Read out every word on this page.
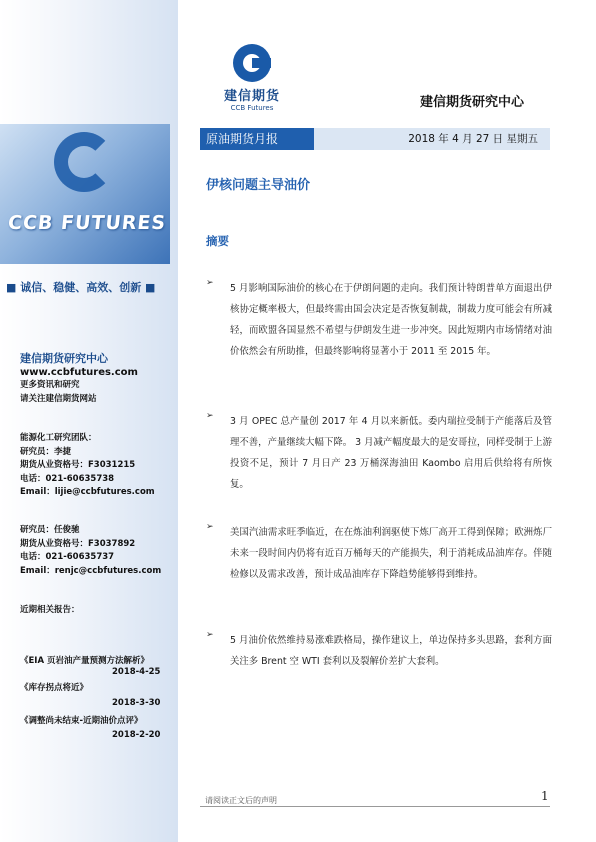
CCB FUTURES
■ 诚信、稳健、高效、创新 ■
建信期货研究中心
www.ccbfutures.com
更多资讯和研究
请关注建信期货网站
能源化工研究团队：
研究员：李捷
期货从业资格号：F3031215
电话：021-60635738
Email：lijie@ccbfutures.com
研究员：任俊驰
期货从业资格号：F3037892
电话：021-60635737
Email：renjc@ccbfutures.com
近期相关报告：
《EIA 页岩油产量预测方法解析》
2018-4-25
《库存拐点将近》
2018-3-30
《调整尚未结束-近期油价点评》
2018-2-20
建信期货
CCB Futures	建信期货研究中心
原油期货月报	2018 年 4 月 27 日 星期五
伊核问题主导油价
摘要
➢ 5 月影响国际油价的核心在于伊朗问题的走向。我们预计特朗普单方面退出伊核协定概率极大，但最终需由国会决定是否恢复制裁，制裁力度可能会有所减轻，而欧盟各国显然不希望与伊朗发生进一步冲突。因此短期内市场情绪对油价依然会有所助推，但最终影响将显著小于 2011 至 2015 年。
➢ 3 月 OPEC 总产量创 2017 年 4 月以来新低。委内瑞拉受制于产能落后及管理不善，产量继续大幅下降。 3 月减产幅度最大的是安哥拉，同样受制于上游投资不足，预计 7 月日产 23 万桶深海油田 Kaombo 启用后供给将有所恢复。
➢ 美国汽油需求旺季临近，在在炼油利润驱使下炼厂高开工得到保障；欧洲炼厂未来一段时间内仍将有近百万桶每天的产能损失，利于消耗成品油库存。伴随检修以及需求改善，预计成品油库存下降趋势能够得到维持。
➢ 5 月油价依然维持易涨难跌格局，操作建议上，单边保持多头思路，套利方面关注多 Brent 空 WTI 套利以及裂解价差扩大套利。
请阅读正文后的声明	1
